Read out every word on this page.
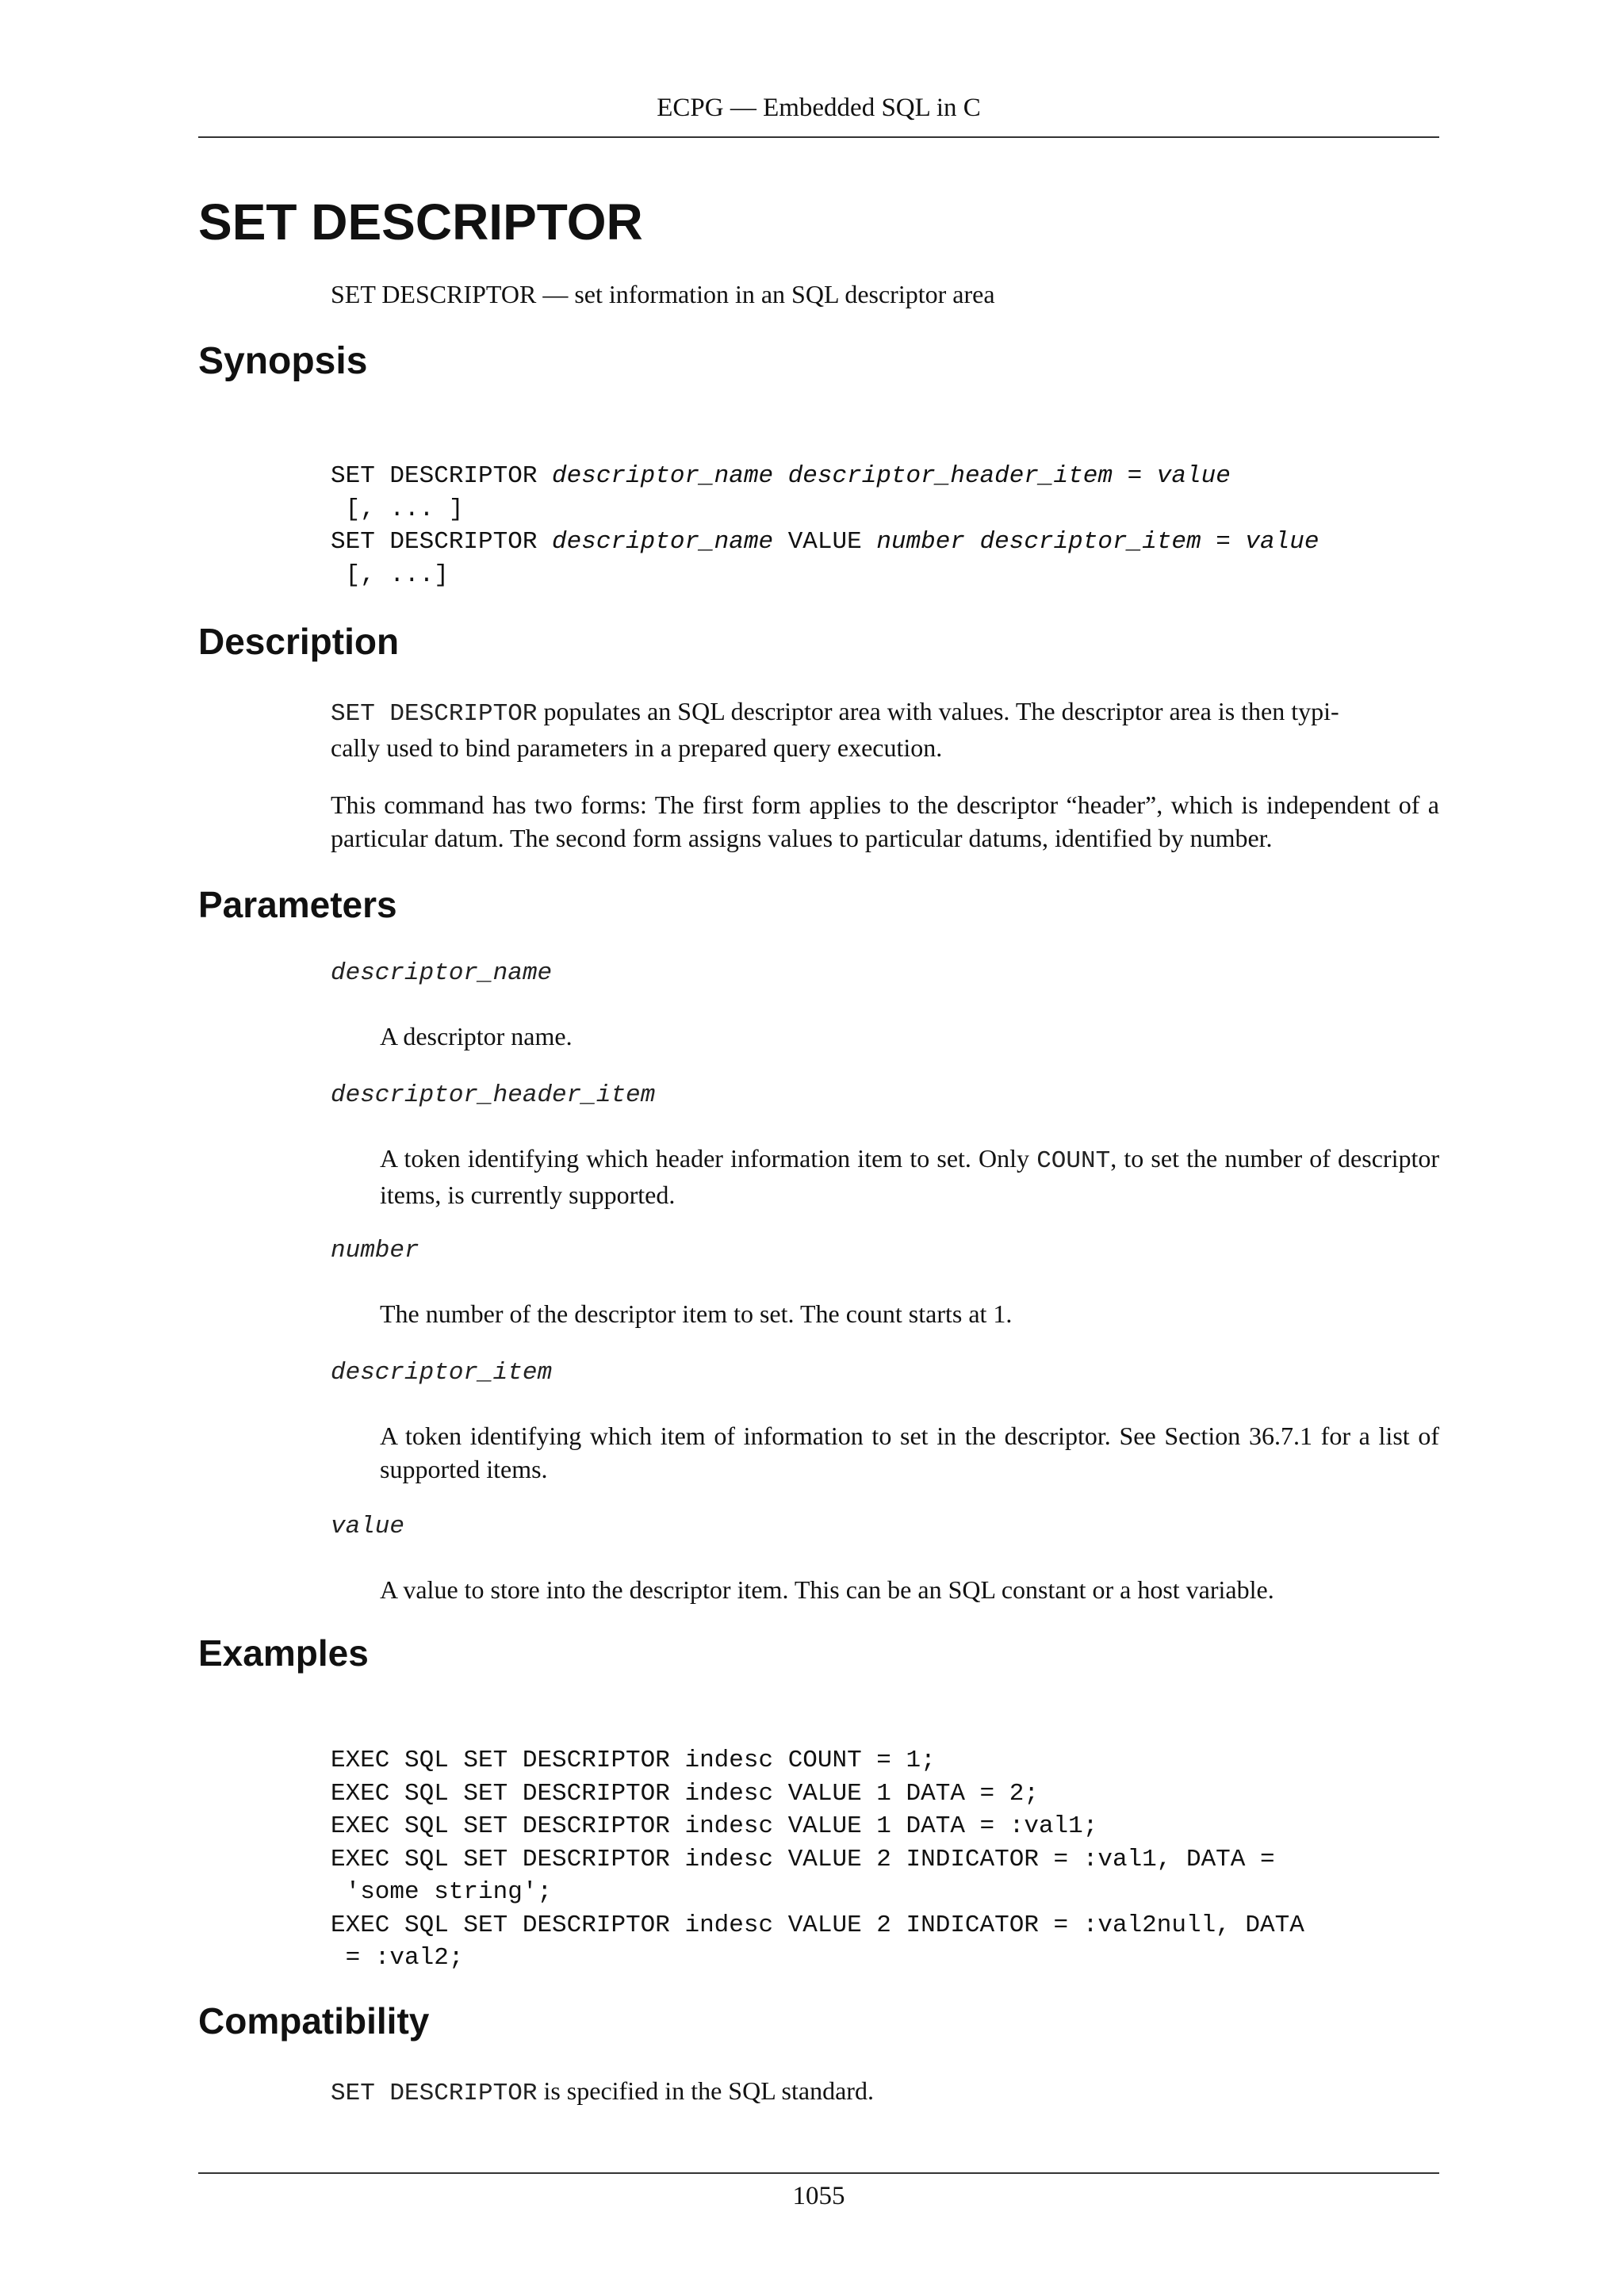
ECPG — Embedded SQL in C
SET DESCRIPTOR
SET DESCRIPTOR — set information in an SQL descriptor area
Synopsis
SET DESCRIPTOR descriptor_name descriptor_header_item = value
[, ... ]
SET DESCRIPTOR descriptor_name VALUE number descriptor_item = value
[, ...]
Description
SET DESCRIPTOR populates an SQL descriptor area with values. The descriptor area is then typi-
cally used to bind parameters in a prepared query execution.
This command has two forms: The first form applies to the descriptor “header”, which is independent of a particular datum. The second form assigns values to particular datums, identified by number.
Parameters
descriptor_name
A descriptor name.
descriptor_header_item
A token identifying which header information item to set. Only COUNT, to set the number of descriptor items, is currently supported.
number
The number of the descriptor item to set. The count starts at 1.
descriptor_item
A token identifying which item of information to set in the descriptor. See Section 36.7.1 for a list of supported items.
value
A value to store into the descriptor item. This can be an SQL constant or a host variable.
Examples
EXEC SQL SET DESCRIPTOR indesc COUNT = 1;
EXEC SQL SET DESCRIPTOR indesc VALUE 1 DATA = 2;
EXEC SQL SET DESCRIPTOR indesc VALUE 1 DATA = :val1;
EXEC SQL SET DESCRIPTOR indesc VALUE 2 INDICATOR = :val1, DATA =
'some string';
EXEC SQL SET DESCRIPTOR indesc VALUE 2 INDICATOR = :val2null, DATA
= :val2;
Compatibility
SET DESCRIPTOR is specified in the SQL standard.
1055
